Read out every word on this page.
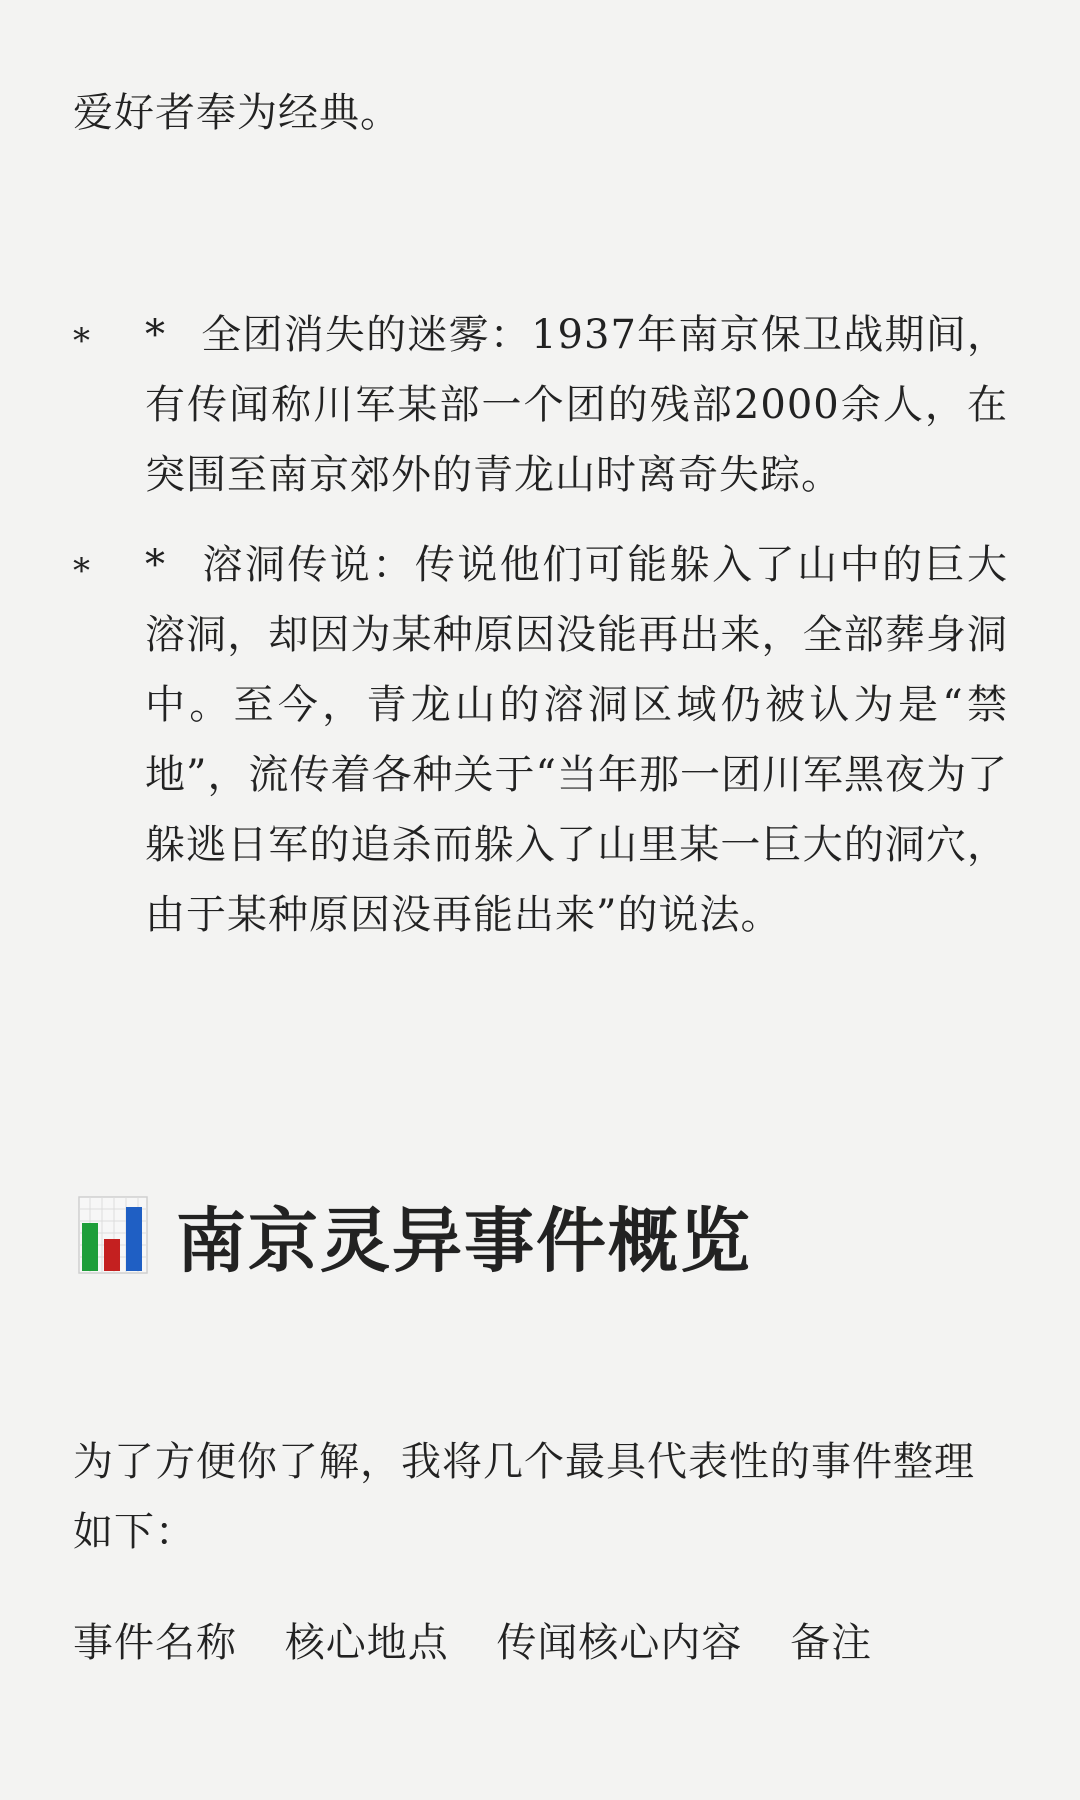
爱好者奉为经典。

* * 全团消失的迷雾：1937年南京保卫战期间，有传闻称川军某部一个团的残部2000余人，在突围至南京郊外的青龙山时离奇失踪。
* * 溶洞传说：传说他们可能躲入了山中的巨大溶洞，却因为某种原因没能再出来，全部葬身洞中。至今，青龙山的溶洞区域仍被认为是“禁地”，流传着各种关于“当年那一团川军黑夜为了躲逃日军的追杀而躲入了山里某一巨大的洞穴，由于某种原因没再能出来”的说法。
南京灵异事件概览

为了方便你了解，我将几个最具代表性的事件整理如下：

事件名称 核心地点 传闻核心内容 备注
